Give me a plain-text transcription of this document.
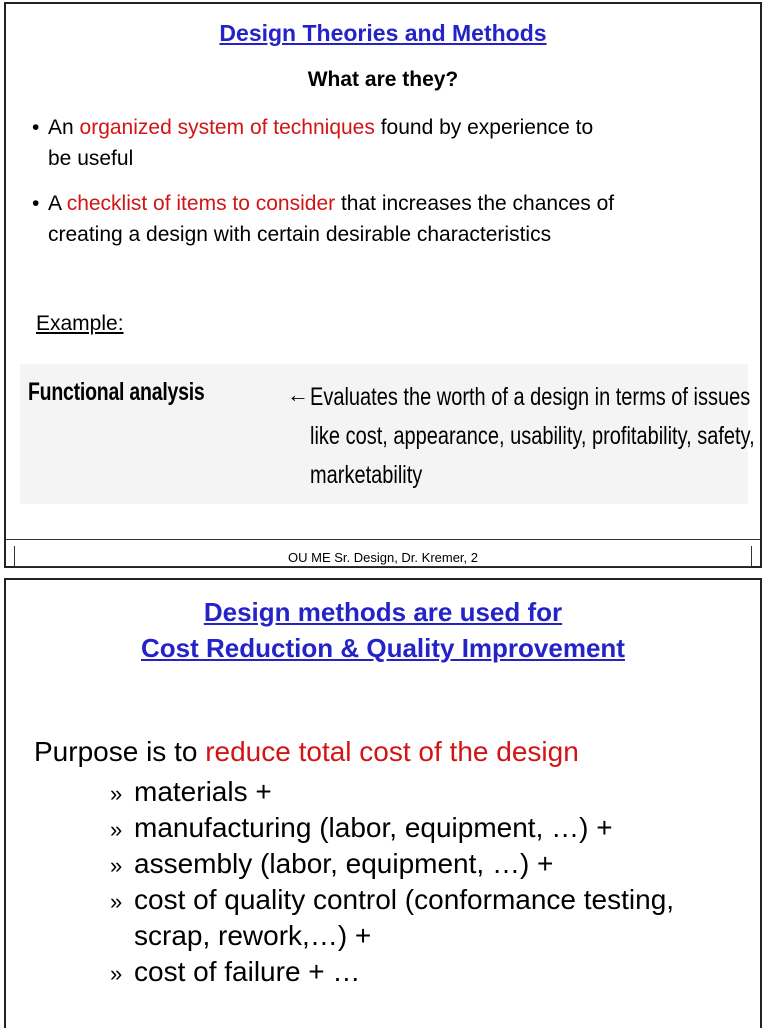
Design Theories and Methods
What are they?
• An organized system of techniques found by experience to
be useful
• A checklist of items to consider that increases the chances of
creating a design with certain desirable characteristics
Example:
Functional analysis	← Evaluates the worth of a design in terms of issues
like cost, appearance, usability, profitability, safety,
marketability
OU ME Sr. Design, Dr. Kremer, 2
Design methods are used for
Cost Reduction & Quality Improvement
Purpose is to reduce total cost of the design
» materials +
» manufacturing (labor, equipment, …) +
» assembly (labor, equipment, …) +
» cost of quality control (conformance testing,
scrap, rework,…) +
» cost of failure + …
